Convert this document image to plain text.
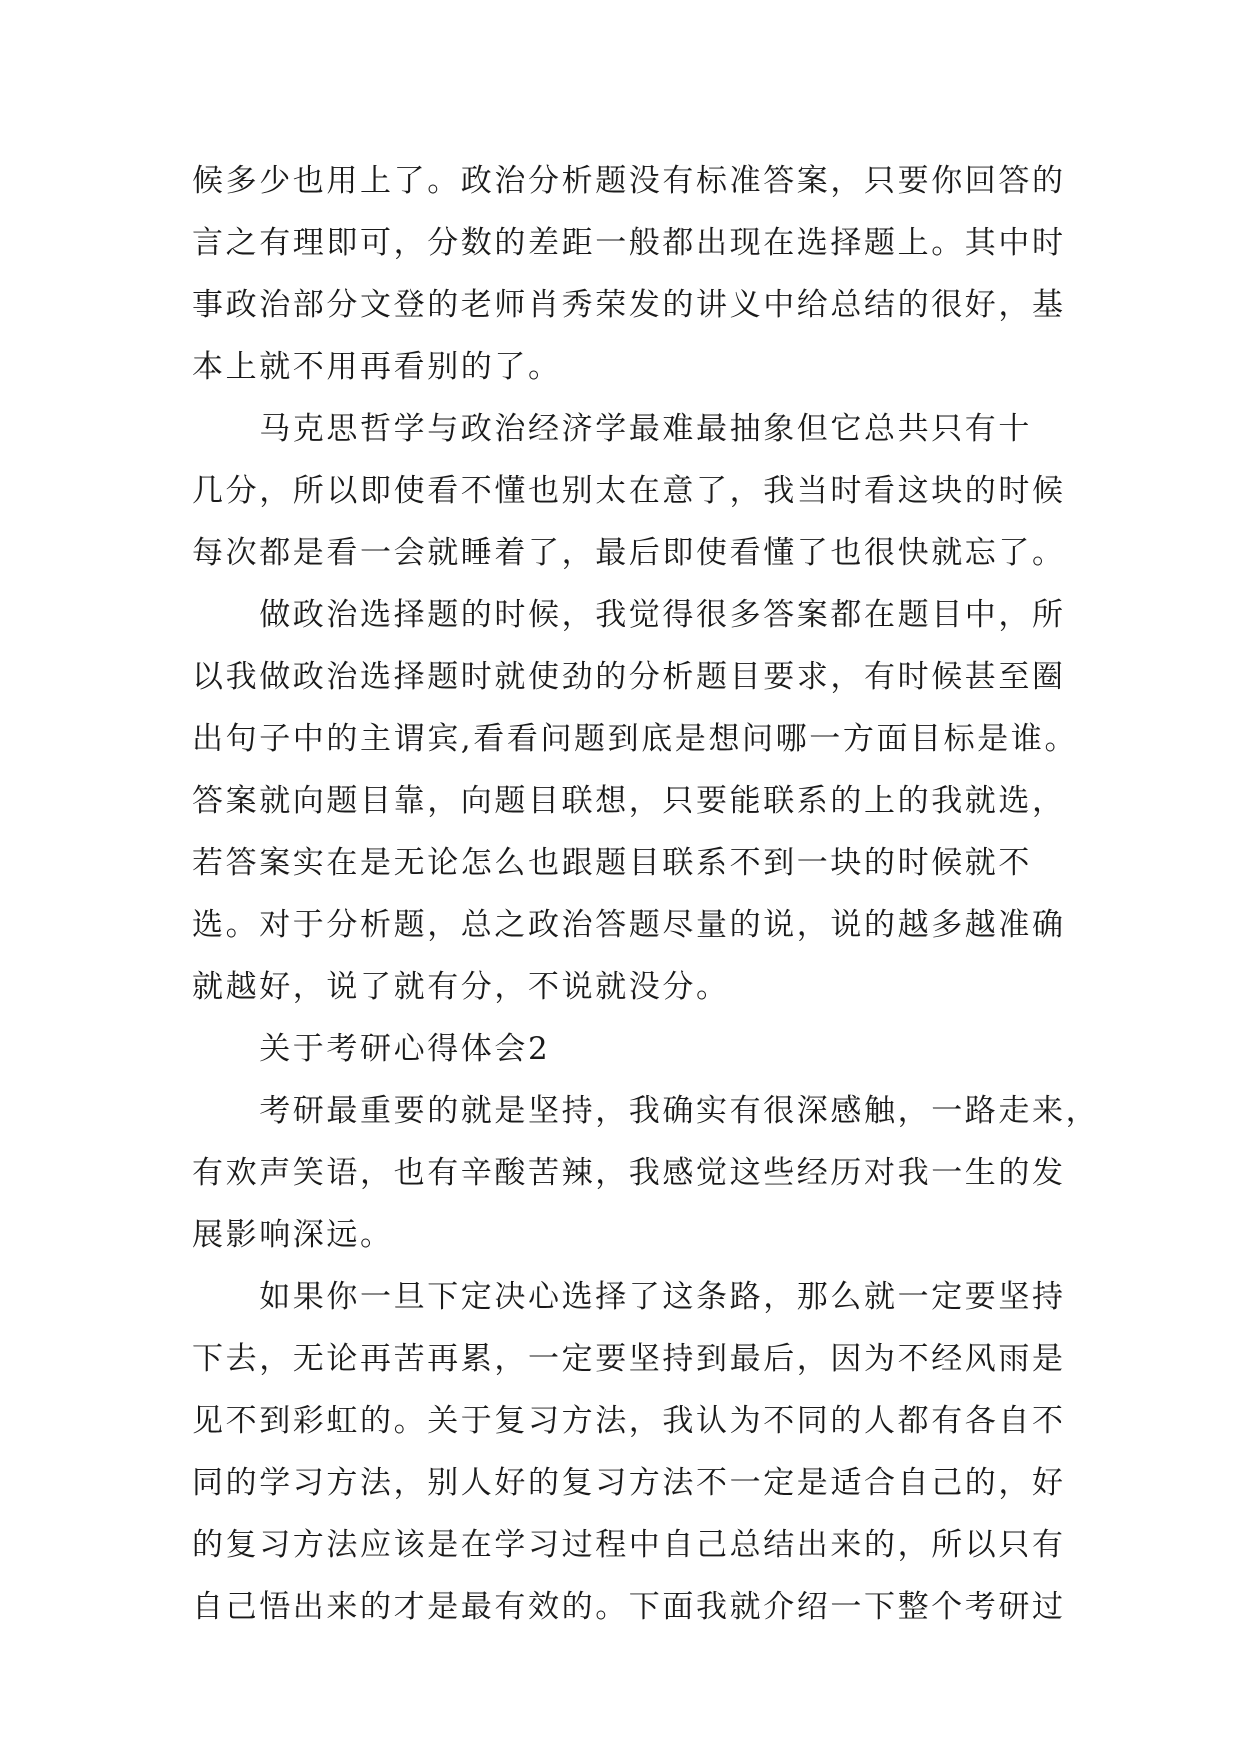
候多少也用上了。政治分析题没有标准答案，只要你回答的
言之有理即可，分数的差距一般都出现在选择题上。其中时
事政治部分文登的老师肖秀荣发的讲义中给总结的很好，基
本上就不用再看别的了。
　　马克思哲学与政治经济学最难最抽象但它总共只有十
几分，所以即使看不懂也别太在意了，我当时看这块的时候
每次都是看一会就睡着了，最后即使看懂了也很快就忘了。
　　做政治选择题的时候，我觉得很多答案都在题目中，所
以我做政治选择题时就使劲的分析题目要求，有时候甚至圈
出句子中的主谓宾,看看问题到底是想问哪一方面目标是谁。
答案就向题目靠，向题目联想，只要能联系的上的我就选，
若答案实在是无论怎么也跟题目联系不到一块的时候就不
选。对于分析题，总之政治答题尽量的说，说的越多越准确
就越好，说了就有分，不说就没分。
　　关于考研心得体会2
　　考研最重要的就是坚持，我确实有很深感触，一路走来，
有欢声笑语，也有辛酸苦辣，我感觉这些经历对我一生的发
展影响深远。
　　如果你一旦下定决心选择了这条路，那么就一定要坚持
下去，无论再苦再累，一定要坚持到最后，因为不经风雨是
见不到彩虹的。关于复习方法，我认为不同的人都有各自不
同的学习方法，别人好的复习方法不一定是适合自己的，好
的复习方法应该是在学习过程中自己总结出来的，所以只有
自己悟出来的才是最有效的。下面我就介绍一下整个考研过
